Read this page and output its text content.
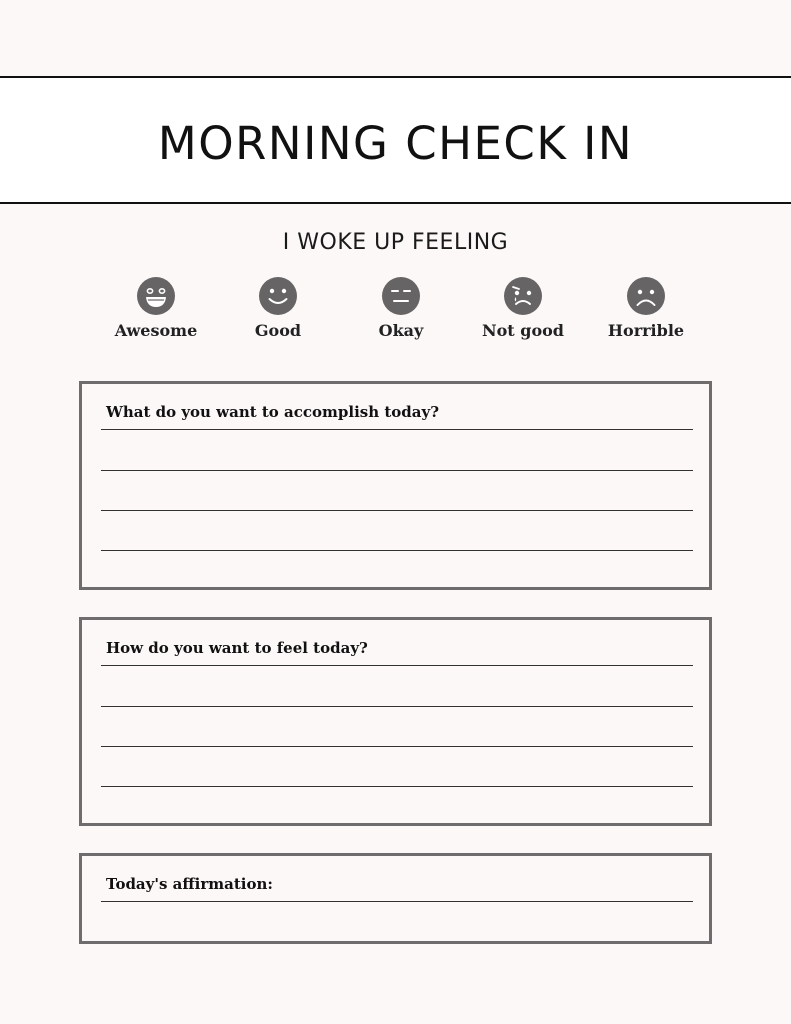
MORNING CHECK IN
I WOKE UP FEELING
Awesome	Good	Okay	Not good	Horrible
What do you want to accomplish today?
How do you want to feel today?
Today's affirmation:
